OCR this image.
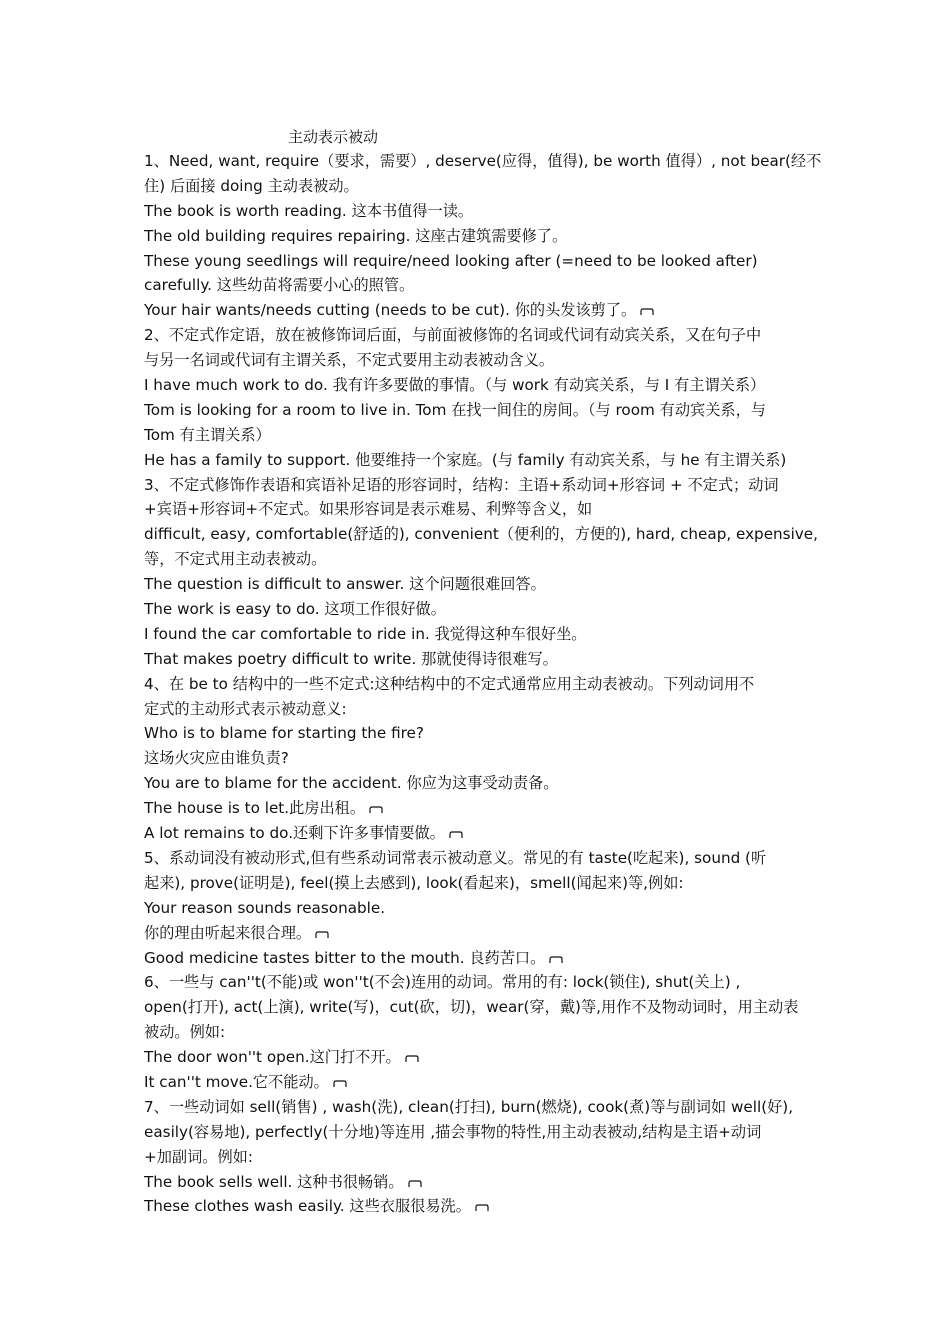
主动表示被动
1、Need, want, require（要求，需要）, deserve(应得，值得), be worth 值得）, not bear(经不
住) 后面接 doing 主动表被动。
The book is worth reading. 这本书值得一读。
The old building requires repairing. 这座古建筑需要修了。
These young seedlings will require/need looking after (=need to be looked after)
carefully. 这些幼苗将需要小心的照管。
Your hair wants/needs cutting (needs to be cut). 你的头发该剪了。
2、不定式作定语，放在被修饰词后面，与前面被修饰的名词或代词有动宾关系，又在句子中
与另一名词或代词有主谓关系，不定式要用主动表被动含义。
I have much work to do. 我有许多要做的事情。（与 work 有动宾关系，与 I 有主谓关系）
Tom is looking for a room to live in. Tom 在找一间住的房间。（与 room 有动宾关系，与
Tom 有主谓关系）
He has a family to support. 他要维持一个家庭。(与 family 有动宾关系，与 he 有主谓关系)
3、不定式修饰作表语和宾语补足语的形容词时，结构：主语+系动词+形容词 + 不定式；动词
+宾语+形容词+不定式。如果形容词是表示难易、利弊等含义，如
difficult, easy, comfortable(舒适的), convenient（便利的，方便的), hard, cheap, expensive,
等，不定式用主动表被动。
The question is difficult to answer. 这个问题很难回答。
The work is easy to do. 这项工作很好做。
I found the car comfortable to ride in. 我觉得这种车很好坐。
That makes poetry difficult to write. 那就使得诗很难写。
4、在 be to 结构中的一些不定式:这种结构中的不定式通常应用主动表被动。下列动词用不
定式的主动形式表示被动意义:
Who is to blame for starting the fire?
这场火灾应由谁负责?
You are to blame for the accident. 你应为这事受动责备。
The house is to let.此房出租。
A lot remains to do.还剩下许多事情要做。
5、系动词没有被动形式,但有些系动词常表示被动意义。常见的有 taste(吃起来), sound (听
起来), prove(证明是), feel(摸上去感到), look(看起来)，smell(闻起来)等,例如:
Your reason sounds reasonable.
你的理由听起来很合理。
Good medicine tastes bitter to the mouth. 良药苦口。
6、一些与 can''t(不能)或 won''t(不会)连用的动词。常用的有: lock(锁住), shut(关上) ,
open(打开), act(上演), write(写)，cut(砍，切)，wear(穿，戴)等,用作不及物动词时，用主动表
被动。例如:
The door won''t open.这门打不开。
It can''t move.它不能动。
7、一些动词如 sell(销售) , wash(洗), clean(打扫), burn(燃烧), cook(煮)等与副词如 well(好),
easily(容易地), perfectly(十分地)等连用 ,描会事物的特性,用主动表被动,结构是主语+动词
+加副词。例如:
The book sells well. 这种书很畅销。
These clothes wash easily. 这些衣服很易洗。
